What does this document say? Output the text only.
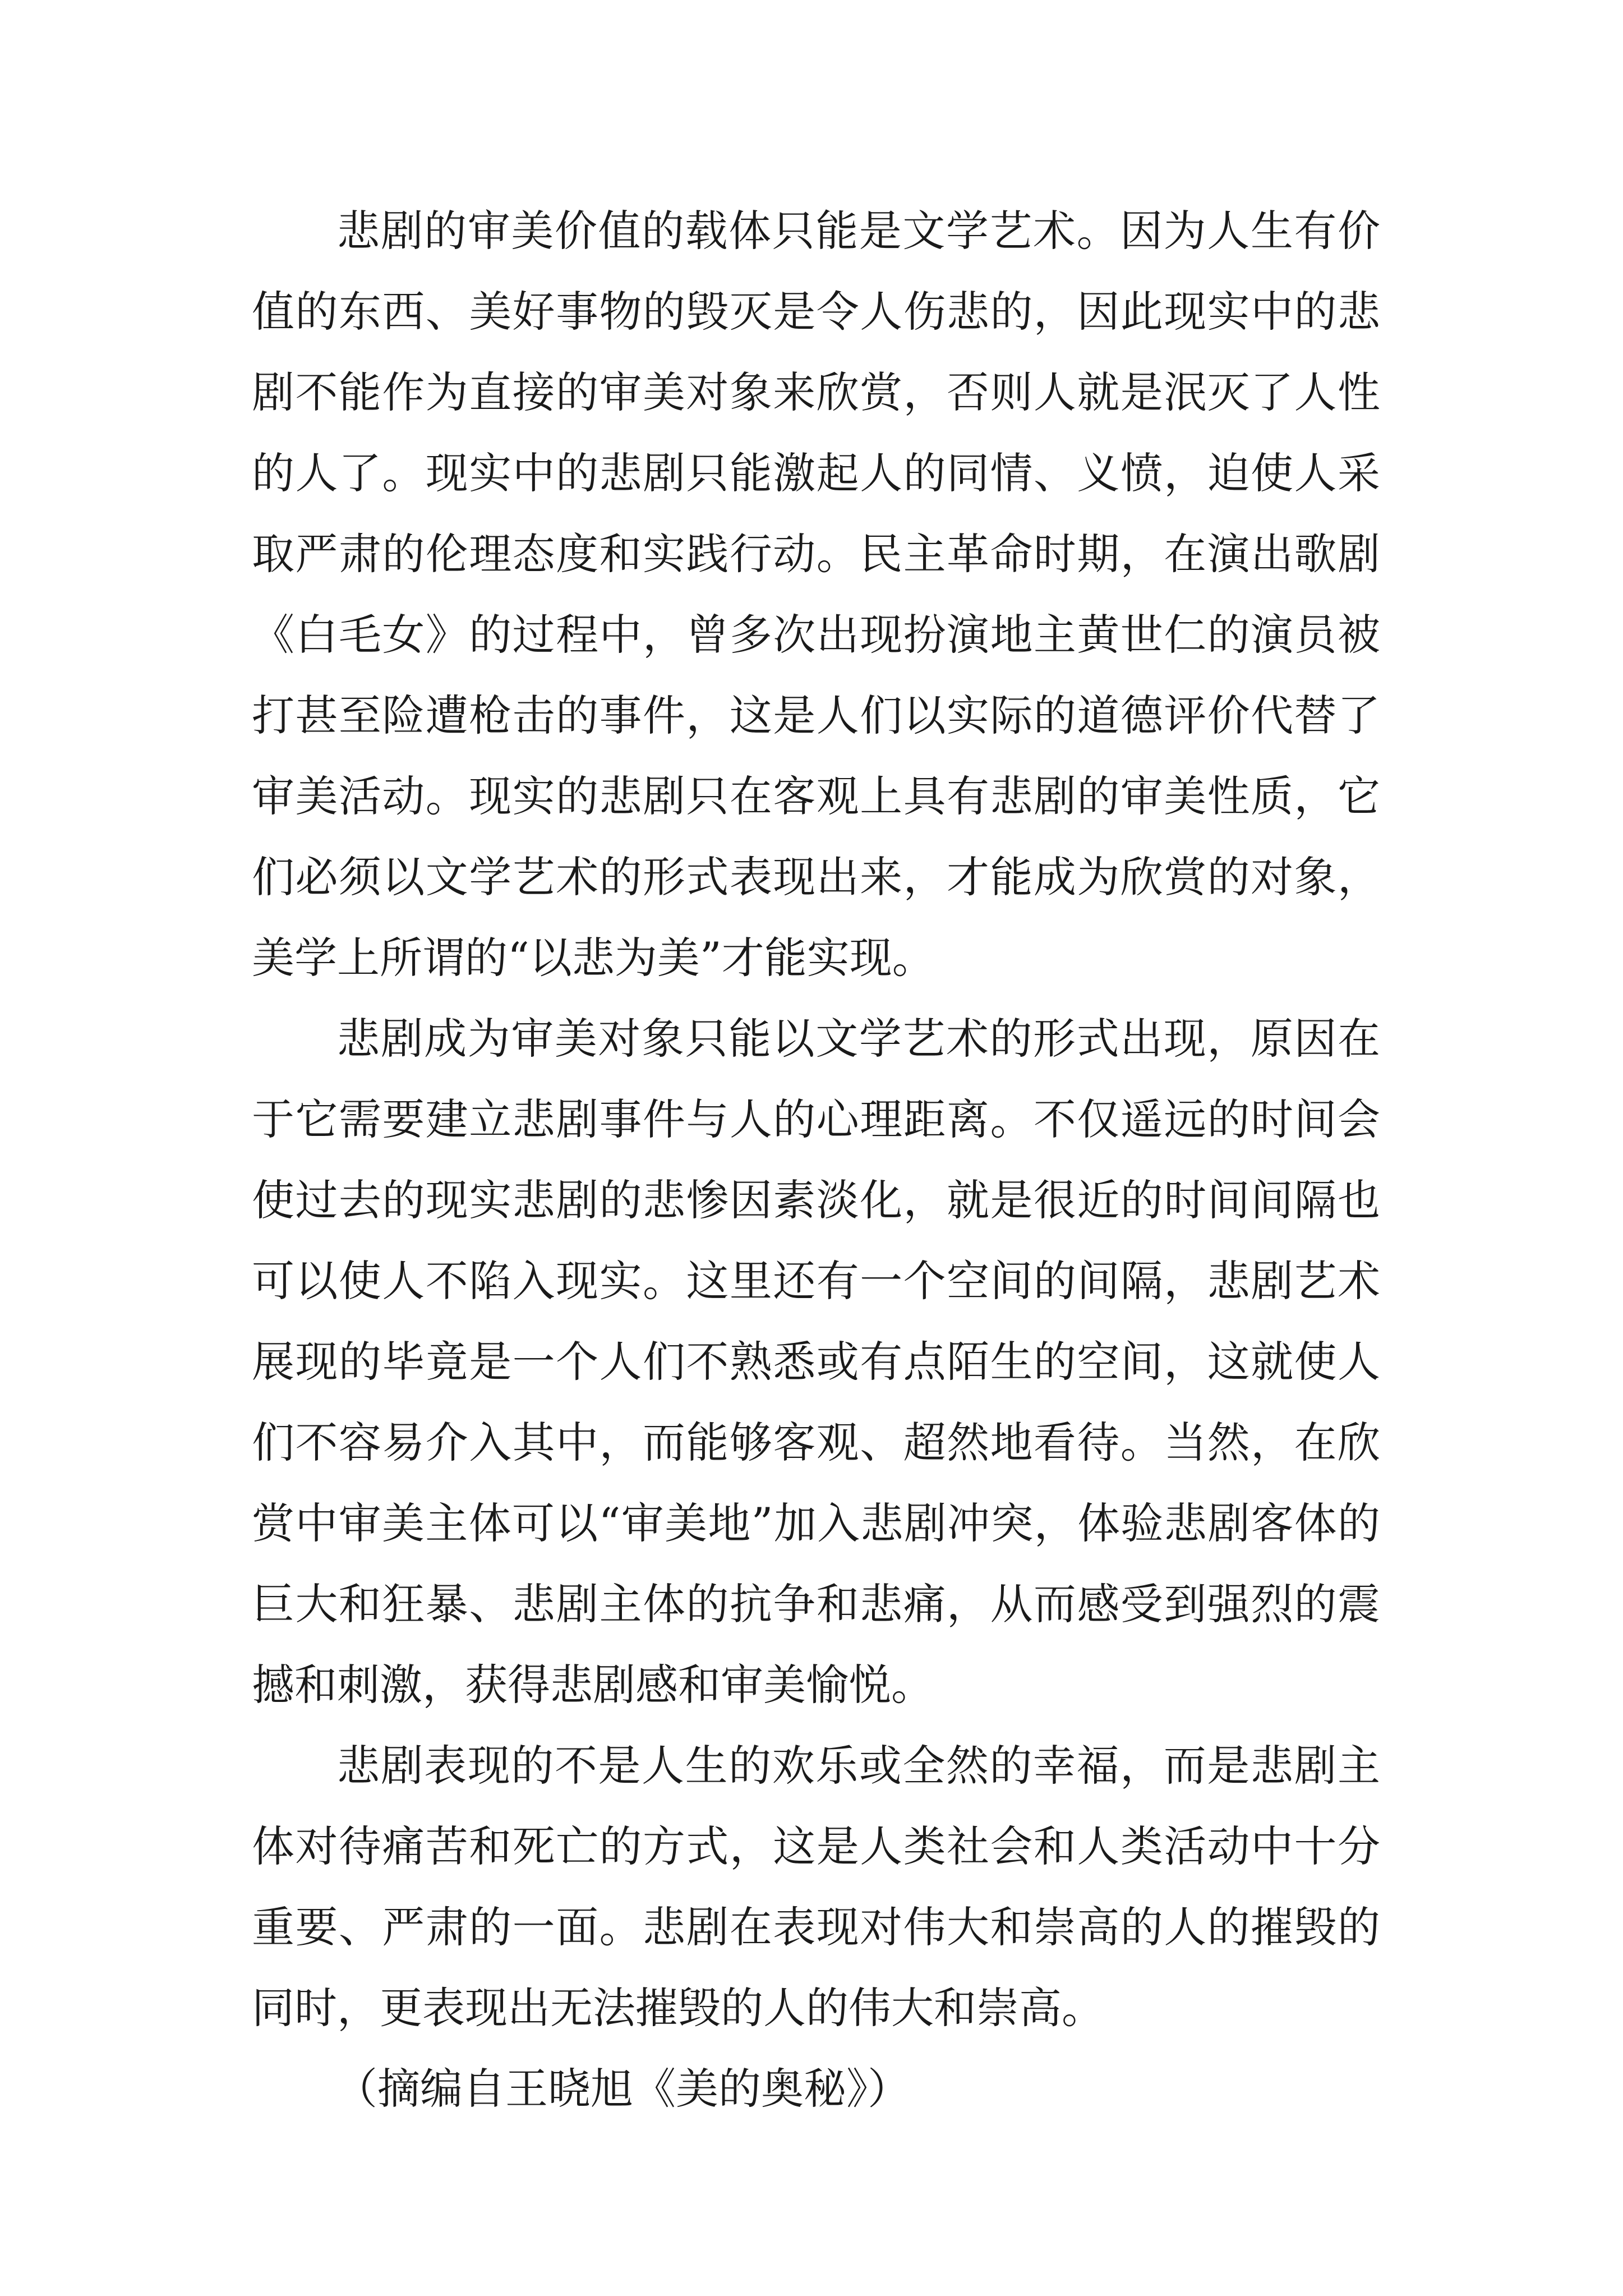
悲剧的审美价值的载体只能是文学艺术。因为人生有价值的东西、美好事物的毁灭是令人伤悲的，因此现实中的悲剧不能作为直接的审美对象来欣赏，否则人就是泯灭了人性的人了。现实中的悲剧只能激起人的同情、义愤，迫使人采取严肃的伦理态度和实践行动。民主革命时期，在演出歌剧《白毛女》的过程中，曾多次出现扮演地主黄世仁的演员被打甚至险遭枪击的事件，这是人们以实际的道德评价代替了审美活动。现实的悲剧只在客观上具有悲剧的审美性质，它们必须以文学艺术的形式表现出来，才能成为欣赏的对象，美学上所谓的“以悲为美”才能实现。

悲剧成为审美对象只能以文学艺术的形式出现，原因在于它需要建立悲剧事件与人的心理距离。不仅遥远的时间会使过去的现实悲剧的悲惨因素淡化，就是很近的时间间隔也可以使人不陷入现实。这里还有一个空间的间隔，悲剧艺术展现的毕竟是一个人们不熟悉或有点陌生的空间，这就使人们不容易介入其中，而能够客观、超然地看待。当然，在欣赏中审美主体可以“审美地”加入悲剧冲突，体验悲剧客体的巨大和狂暴、悲剧主体的抗争和悲痛，从而感受到强烈的震撼和刺激，获得悲剧感和审美愉悦。

悲剧表现的不是人生的欢乐或全然的幸福，而是悲剧主体对待痛苦和死亡的方式，这是人类社会和人类活动中十分重要、严肃的一面。悲剧在表现对伟大和崇高的人的摧毁的同时，更表现出无法摧毁的人的伟大和崇高。

（摘编自王晓旭《美的奥秘》）
